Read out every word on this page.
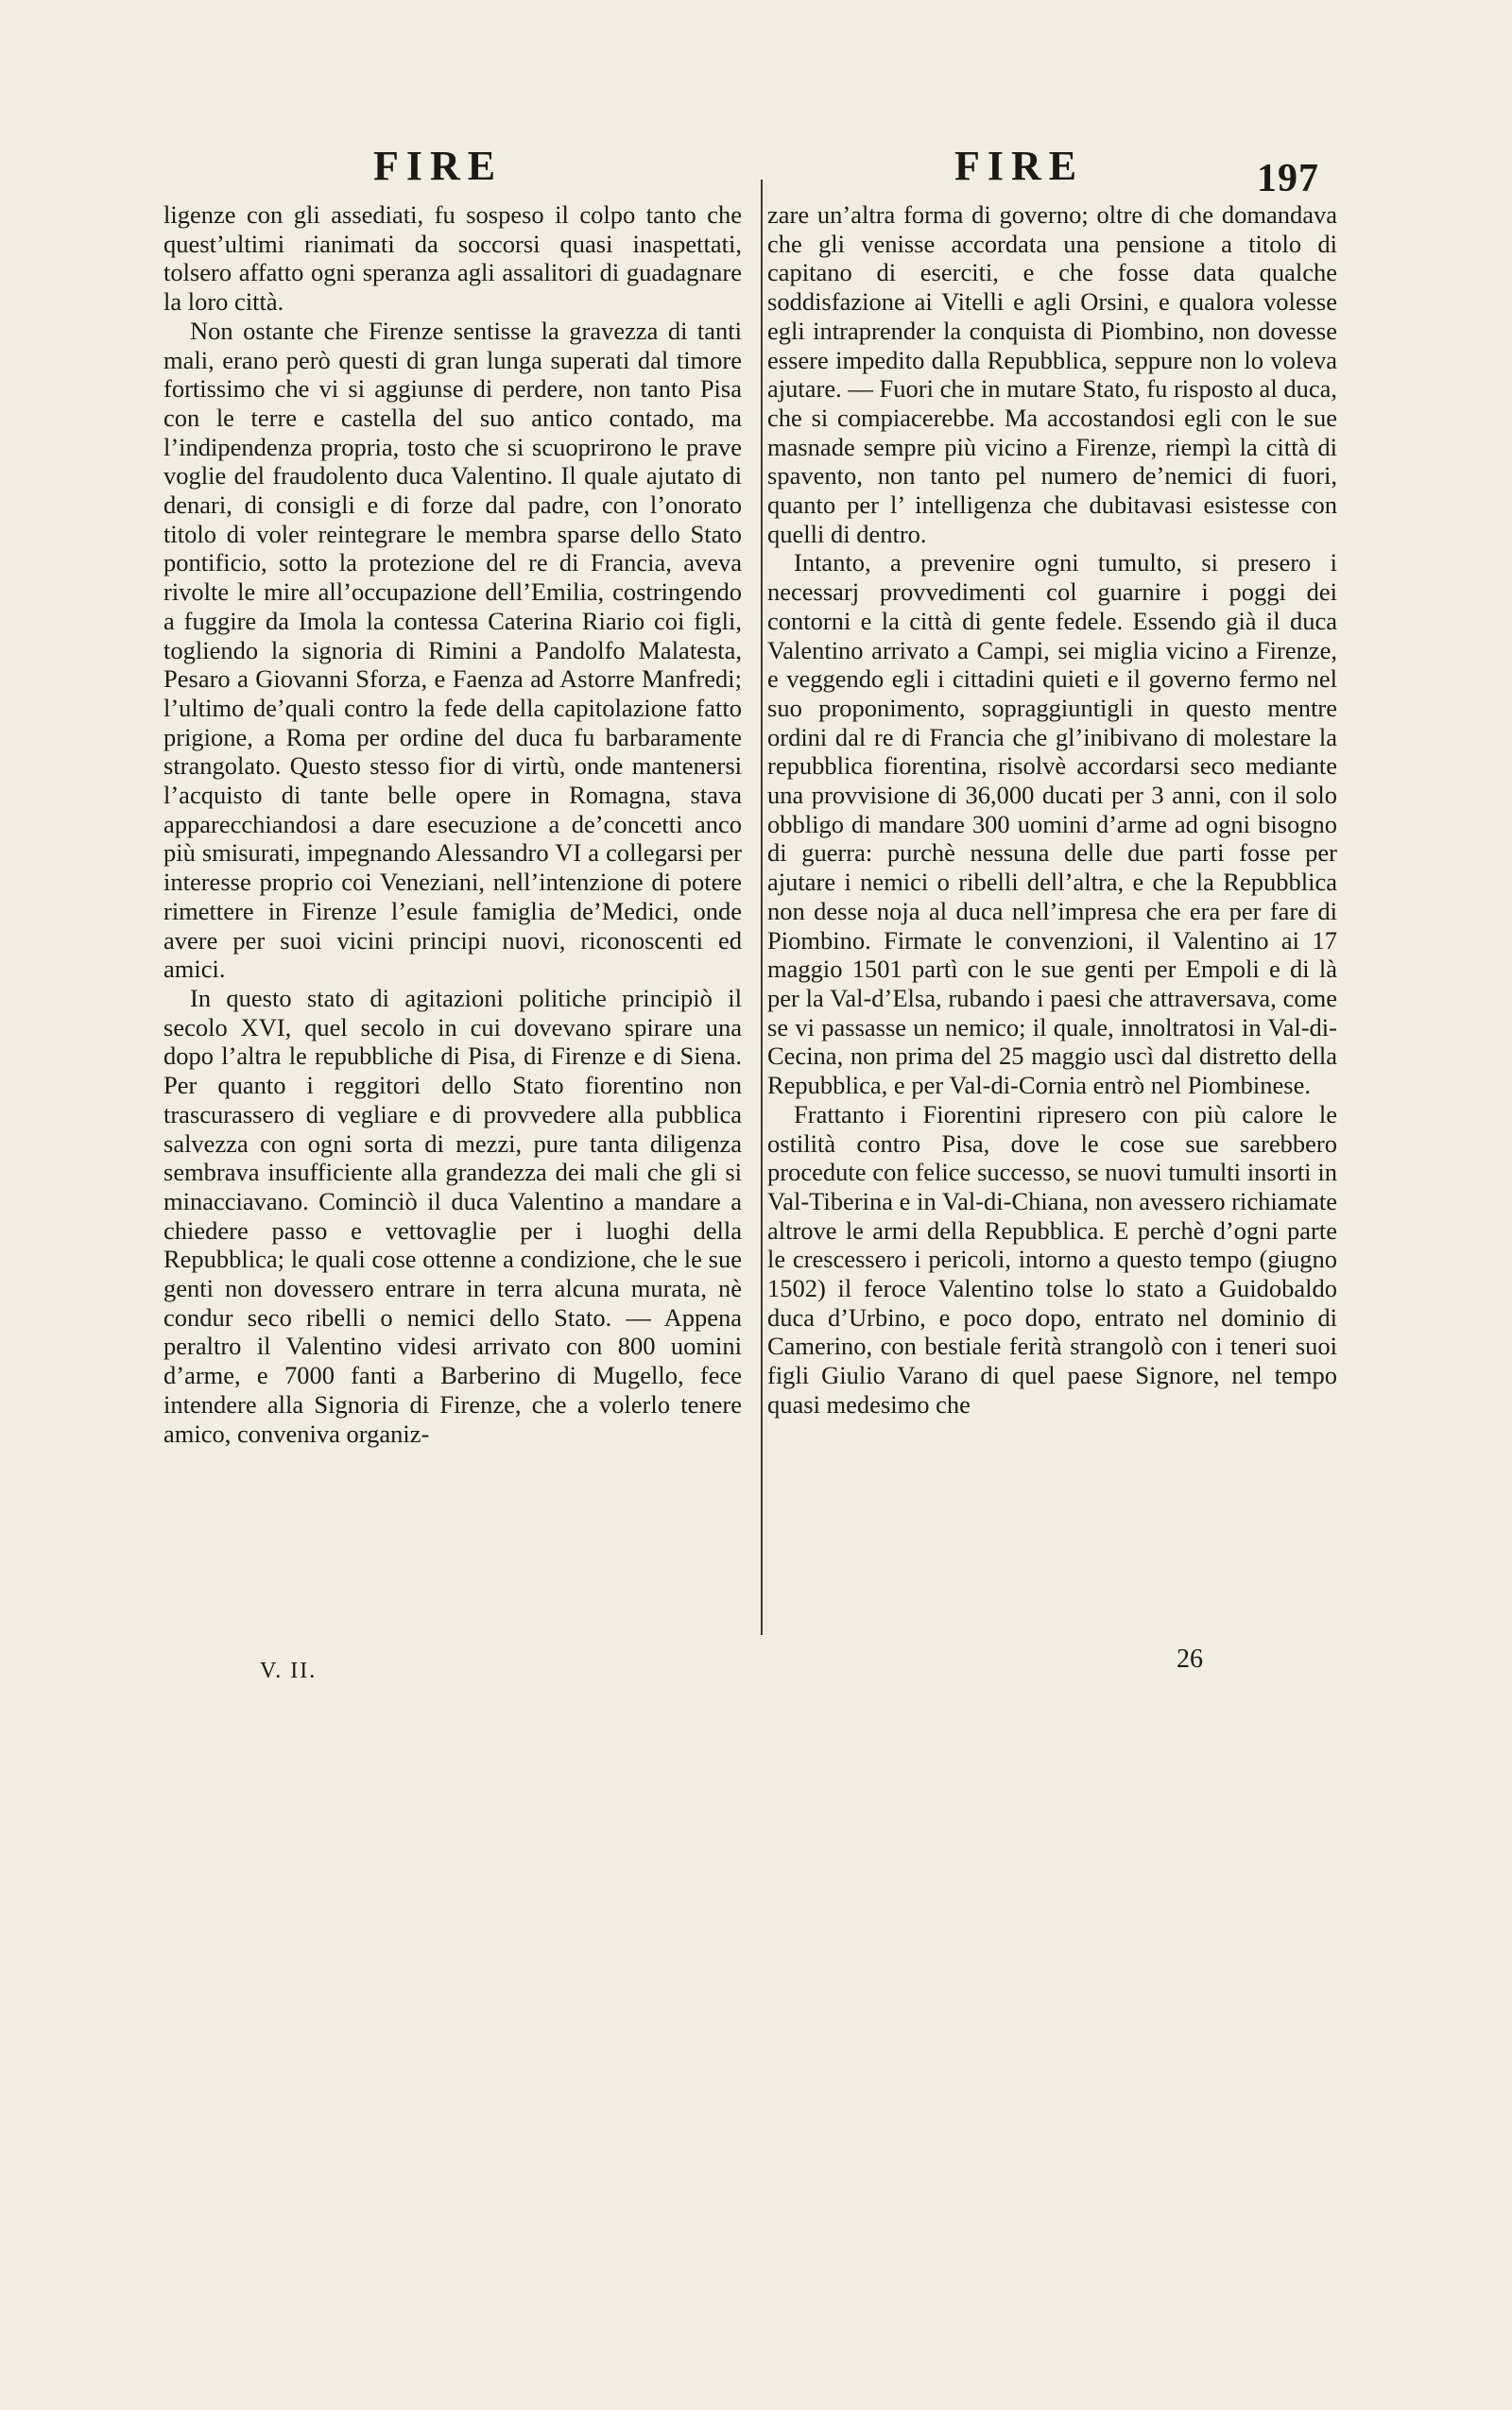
FIRE	FIRE	197

ligenze con gli assediati, fu sospeso il colpo tanto che quest’ultimi rianimati da soccorsi quasi inaspettati, tolsero affatto ogni speranza agli assalitori di guadagnare la loro città.

Non ostante che Firenze sentisse la gravezza di tanti mali, erano però questi di gran lunga superati dal timore fortissimo che vi si aggiunse di perdere, non tanto Pisa con le terre e castella del suo antico contado, ma l’indipendenza propria, tosto che si scuoprirono le prave voglie del fraudolento duca Valentino. Il quale ajutato di denari, di consigli e di forze dal padre, con l’onorato titolo di voler reintegrare le membra sparse dello Stato pontificio, sotto la protezione del re di Francia, aveva rivolte le mire all’occupazione dell’Emilia, costringendo a fuggire da Imola la contessa Caterina Riario coi figli, togliendo la signoria di Rimini a Pandolfo Malatesta, Pesaro a Giovanni Sforza, e Faenza ad Astorre Manfredi; l’ultimo de’quali contro la fede della capitolazione fatto prigione, a Roma per ordine del duca fu barbaramente strangolato. Questo stesso fior di virtù, onde mantenersi l’acquisto di tante belle opere in Romagna, stava apparecchiandosi a dare esecuzione a de’concetti anco più smisurati, impegnando Alessandro VI a collegarsi per interesse proprio coi Veneziani, nell’intenzione di potere rimettere in Firenze l’esule famiglia de’Medici, onde avere per suoi vicini principi nuovi, riconoscenti ed amici.

In questo stato di agitazioni politiche principiò il secolo XVI, quel secolo in cui dovevano spirare una dopo l’altra le repubbliche di Pisa, di Firenze e di Siena. Per quanto i reggitori dello Stato fiorentino non trascurassero di vegliare e di provvedere alla pubblica salvezza con ogni sorta di mezzi, pure tanta diligenza sembrava insufficiente alla grandezza dei mali che gli si minacciavano. Cominciò il duca Valentino a mandare a chiedere passo e vettovaglie per i luoghi della Repubblica; le quali cose ottenne a condizione, che le sue genti non dovessero entrare in terra alcuna murata, nè condur seco ribelli o nemici dello Stato. — Appena peraltro il Valentino videsi arrivato con 800 uomini d’arme, e 7000 fanti a Barberino di Mugello, fece intendere alla Signoria di Firenze, che a volerlo tenere amico, conveniva organiz-

zare un’altra forma di governo; oltre di che domandava che gli venisse accordata una pensione a titolo di capitano di eserciti, e che fosse data qualche soddisfazione ai Vitelli e agli Orsini, e qualora volesse egli intraprender la conquista di Piombino, non dovesse essere impedito dalla Repubblica, seppure non lo voleva ajutare. — Fuori che in mutare Stato, fu risposto al duca, che si compiacerebbe. Ma accostandosi egli con le sue masnade sempre più vicino a Firenze, riempì la città di spavento, non tanto pel numero de’nemici di fuori, quanto per l’ intelligenza che dubitavasi esistesse con quelli di dentro.

Intanto, a prevenire ogni tumulto, si presero i necessarj provvedimenti col guarnire i poggi dei contorni e la città di gente fedele. Essendo già il duca Valentino arrivato a Campi, sei miglia vicino a Firenze, e veggendo egli i cittadini quieti e il governo fermo nel suo proponimento, sopraggiuntigli in questo mentre ordini dal re di Francia che gl’inibivano di molestare la repubblica fiorentina, risolvè accordarsi seco mediante una provvisione di 36,000 ducati per 3 anni, con il solo obbligo di mandare 300 uomini d’arme ad ogni bisogno di guerra: purchè nessuna delle due parti fosse per ajutare i nemici o ribelli dell’altra, e che la Repubblica non desse noja al duca nell’impresa che era per fare di Piombino. Firmate le convenzioni, il Valentino ai 17 maggio 1501 partì con le sue genti per Empoli e di là per la Val-d’Elsa, rubando i paesi che attraversava, come se vi passasse un nemico; il quale, innoltratosi in Val-di-Cecina, non prima del 25 maggio uscì dal distretto della Repubblica, e per Val-di-Cornia entrò nel Piombinese.

Frattanto i Fiorentini ripresero con più calore le ostilità contro Pisa, dove le cose sue sarebbero procedute con felice successo, se nuovi tumulti insorti in Val-Tiberina e in Val-di-Chiana, non avessero richiamate altrove le armi della Repubblica. E perchè d’ogni parte le crescessero i pericoli, intorno a questo tempo (giugno 1502) il feroce Valentino tolse lo stato a Guidobaldo duca d’Urbino, e poco dopo, entrato nel dominio di Camerino, con bestiale ferità strangolò con i teneri suoi figli Giulio Varano di quel paese Signore, nel tempo quasi medesimo che

V. II.	26
